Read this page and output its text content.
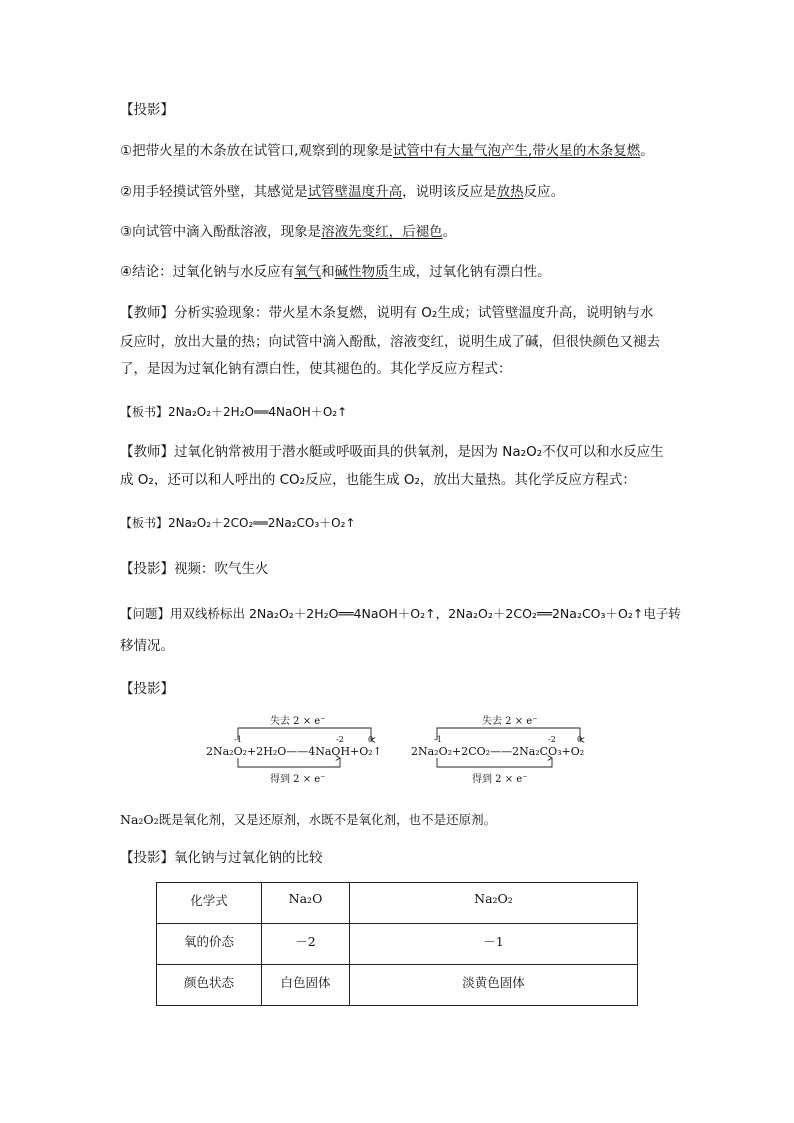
【投影】
①把带火星的木条放在试管口,观察到的现象是试管中有大量气泡产生,带火星的木条复燃。
②用手轻摸试管外壁，其感觉是试管壁温度升高，说明该反应是放热反应。
③向试管中滴入酚酞溶液，现象是溶液先变红，后褪色。
④结论：过氧化钠与水反应有氧气和碱性物质生成，过氧化钠有漂白性。
【教师】分析实验现象：带火星木条复燃，说明有 O₂生成；试管壁温度升高，说明钠与水
反应时，放出大量的热；向试管中滴入酚酞，溶液变红，说明生成了碱，但很快颜色又褪去
了，是因为过氧化钠有漂白性，使其褪色的。其化学反应方程式：
【板书】2Na₂O₂＋2H₂O══4NaOH＋O₂↑
【教师】过氧化钠常被用于潜水艇或呼吸面具的供氧剂，是因为 Na₂O₂不仅可以和水反应生
成 O₂，还可以和人呼出的 CO₂反应，也能生成 O₂，放出大量热。其化学反应方程式：
【板书】2Na₂O₂＋2CO₂══2Na₂CO₃＋O₂↑
【投影】视频：吹气生火
【问题】用双线桥标出 2Na₂O₂＋2H₂O══4NaOH＋O₂↑，2Na₂O₂＋2CO₂══2Na₂CO₃＋O₂↑电子转
移情况。
【投影】
失去 2 × e⁻
得到 2 × e⁻
失去 2 × e⁻
得到 2 × e⁻
-1	-2	0	-1	-2	0
2Na₂O₂+2H₂O——4NaOH+O₂↑	2Na₂O₂+2CO₂——2Na₂CO₃+O₂
Na₂O₂既是氧化剂，又是还原剂，水既不是氧化剂，也不是还原剂。
【投影】氧化钠与过氧化钠的比较
化学式	Na₂O	Na₂O₂

氧的价态	－2	－1

颜色状态	白色固体	淡黄色固体
